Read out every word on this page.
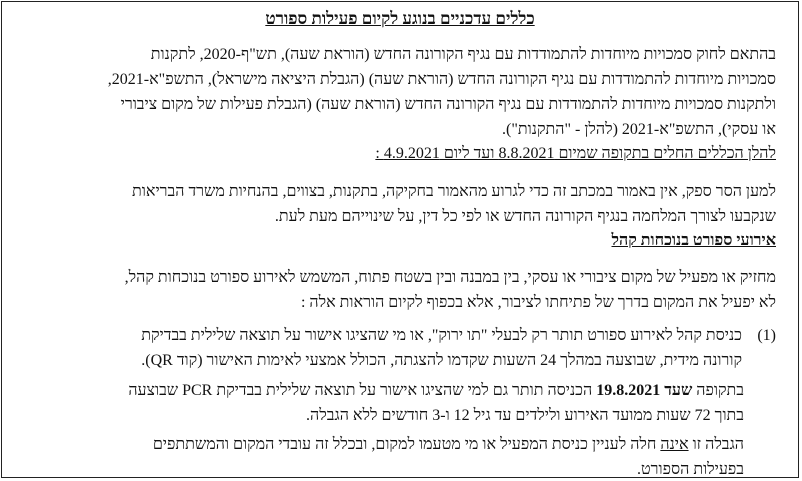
כללים עדכניים בנוגע לקיום פעילות ספורט
בהתאם לחוק סמכויות מיוחדות להתמודדות עם נגיף הקורונה החדש (הוראת שעה), תש"ף-2020, לתקנות
סמכויות מיוחדות להתמודדות עם נגיף הקורונה החדש (הוראת שעה) (הגבלת היציאה מישראל), התשפ"א-2021,
ולתקנות סמכויות מיוחדות להתמודדות עם נגיף הקורונה החדש (הוראת שעה) (הגבלת פעילות של מקום ציבורי
או עסקי), התשפ"א-2021 (להלן - "התקנות").
להלן הכללים החלים בתקופה שמיום 8.8.2021 ועד ליום 4.9.2021 :
למען הסר ספק, אין באמור במכתב זה כדי לגרוע מהאמור בחקיקה, בתקנות, בצווים, בהנחיות משרד הבריאות
שנקבעו לצורך המלחמה בנגיף הקורונה החדש או לפי כל דין, על שינוייהם מעת לעת.
אירועי ספורט בנוכחות קהל
מחזיק או מפעיל של מקום ציבורי או עסקי, בין במבנה ובין בשטח פתוח, המשמש לאירוע ספורט בנוכחות קהל,
לא יפעיל את המקום בדרך של פתיחתו לציבור, אלא בכפוף לקיום הוראות אלה :
(1)
כניסת קהל לאירוע ספורט תותר רק לבעלי "תו ירוק", או מי שהציגו אישור על תוצאה שלילית בבדיקת
קורונה מידית, שבוצעה במהלך 24 השעות שקדמו להצגתה, הכולל אמצעי לאימות האישור (קוד QR).
בתקופה שעד 19.8.2021 הכניסה תותר גם למי שהציגו אישור על תוצאה שלילית בבדיקת PCR שבוצעה
בתוך 72 שעות ממועד האירוע ולילדים עד גיל 12 ו-3 חודשים ללא הגבלה.
הגבלה זו אינה חלה לעניין כניסת המפעיל או מי מטעמו למקום, ובכלל זה עובדי המקום והמשתתפים
בפעילות הספורט.
